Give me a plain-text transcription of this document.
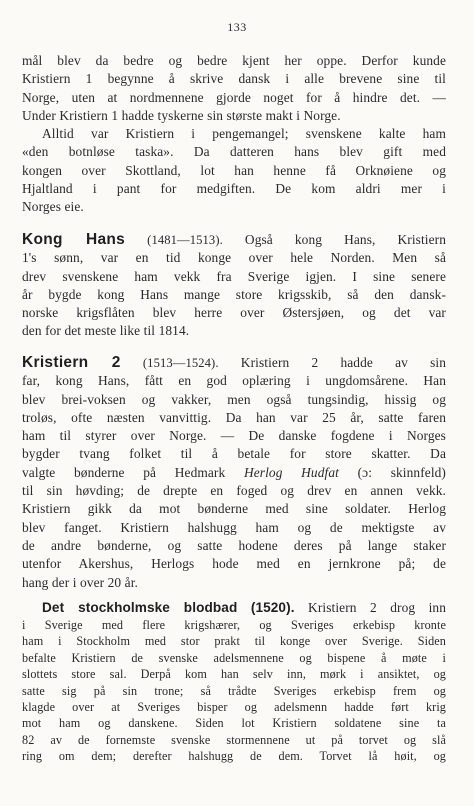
133
mål blev da bedre og bedre kjent her oppe. Derfor kunde
Kristiern 1 begynne å skrive dansk i alle brevene sine til
Norge, uten at nordmennene gjorde noget for å hindre det. —
Under Kristiern 1 hadde tyskerne sin største makt i Norge.
Alltid var Kristiern i pengemangel; svenskene kalte ham
«den botnløse taska». Da datteren hans blev gift med
kongen over Skottland, lot han henne få Orknøiene og
Hjaltland i pant for medgiften. De kom aldri mer i
Norges eie.
Kong Hans (1481—1513). Også kong Hans, Kristiern
1's sønn, var en tid konge over hele Norden. Men så
drev svenskene ham vekk fra Sverige igjen. I sine senere
år bygde kong Hans mange store krigsskib, så den dansk-
norske krigsflåten blev herre over Østersjøen, og det var
den for det meste like til 1814.
Kristiern 2 (1513—1524). Kristiern 2 hadde av sin
far, kong Hans, fått en god oplæring i ungdomsårene. Han
blev brei-voksen og vakker, men også tungsindig, hissig og
troløs, ofte næsten vanvittig. Da han var 25 år, satte faren
ham til styrer over Norge. — De danske fogdene i Norges
bygder tvang folket til å betale for store skatter. Da
valgte bønderne på Hedmark Herlog Hudfat (ɔ: skinnfeld)
til sin høvding; de drepte en foged og drev en annen vekk.
Kristiern gikk da mot bønderne med sine soldater. Herlog
blev fanget. Kristiern halshugg ham og de mektigste av
de andre bønderne, og satte hodene deres på lange staker
utenfor Akershus, Herlogs hode med en jernkrone på; de
hang der i over 20 år.
Det stockholmske blodbad (1520). Kristiern 2 drog inn
i Sverige med flere krigshærer, og Sveriges erkebisp kronte
ham i Stockholm med stor prakt til konge over Sverige. Siden
befalte Kristiern de svenske adelsmennene og bispene å møte i
slottets store sal. Derpå kom han selv inn, mørk i ansiktet, og
satte sig på sin trone; så trådte Sveriges erkebisp frem og
klagde over at Sveriges bisper og adelsmenn hadde ført krig
mot ham og danskene. Siden lot Kristiern soldatene sine ta
82 av de fornemste svenske stormennene ut på torvet og slå
ring om dem; derefter halshugg de dem. Torvet lå høit, og
